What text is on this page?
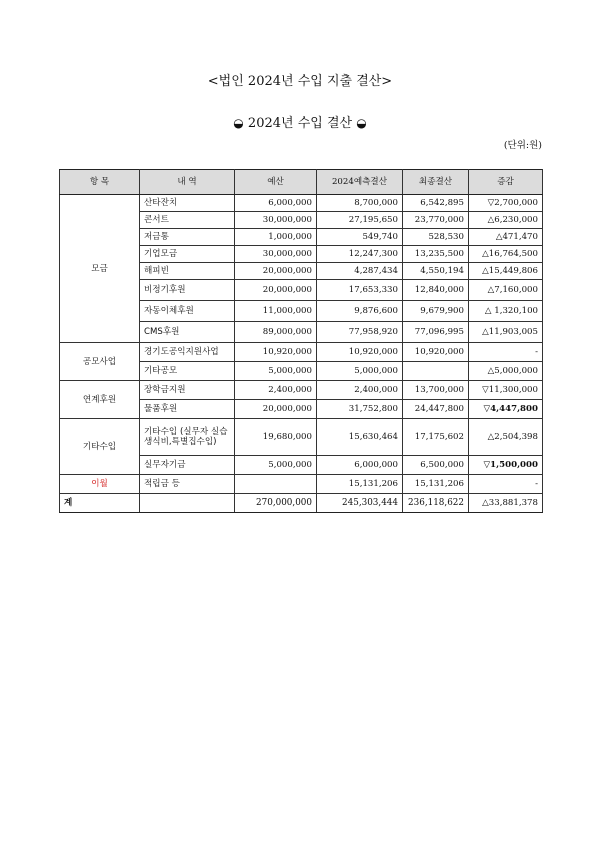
<법인 2024년 수입 지출 결산>
◒ 2024년 수입 결산 ◒
(단위:원)
항 목	내 역	예산	2024예측결산	최종결산	증감
모금	산타잔치	6,000,000	8,700,000	6,542,895	▽2,700,000
	콘서트	30,000,000	27,195,650	23,770,000	△6,230,000
	저금통	1,000,000	549,740	528,530	△471,470
	기업모금	30,000,000	12,247,300	13,235,500	△16,764,500
	해피빈	20,000,000	4,287,434	4,550,194	△15,449,806
	비정기후원	20,000,000	17,653,330	12,840,000	△7,160,000
	자동이체후원	11,000,000	9,876,600	9,679,900	△ 1,320,100
	CMS후원	89,000,000	77,958,920	77,096,995	△11,903,005
공모사업	경기도공익지원사업	10,920,000	10,920,000	10,920,000	-
	기타공모	5,000,000	5,000,000		△5,000,000
연계후원	장학금지원	2,400,000	2,400,000	13,700,000	▽11,300,000
	물품후원	20,000,000	31,752,800	24,447,800	▽4,447,800
기타수입	기타수입 (실무자 실습생식비,특별집수입)	19,680,000	15,630,464	17,175,602	△2,504,398
	실무자기금	5,000,000	6,000,000	6,500,000	▽1,500,000
이월	적립금 등		15,131,206	15,131,206	-
계		270,000,000	245,303,444	236,118,622	△33,881,378
